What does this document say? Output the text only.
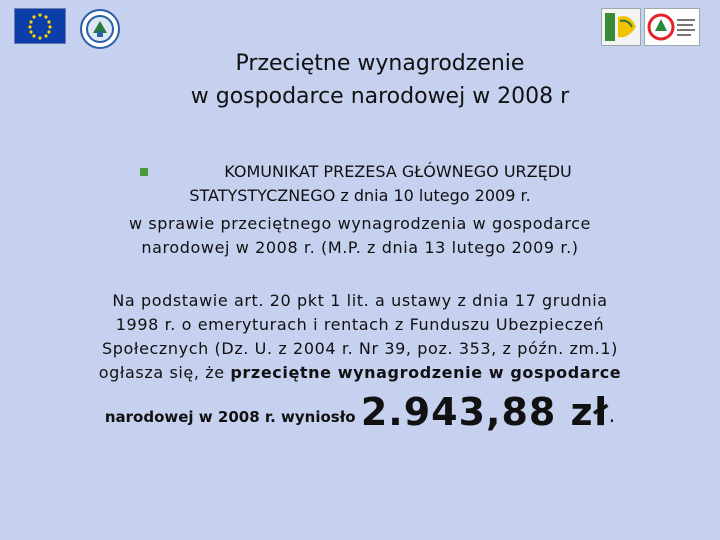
Przeciętne wynagrodzenie
w gospodarce narodowej w 2008 r
KOMUNIKAT PREZESA GŁÓWNEGO URZĘDU
STATYSTYCZNEGO z dnia 10 lutego 2009 r.
w sprawie przeciętnego wynagrodzenia w gospodarce
narodowej w 2008 r. (M.P. z dnia 13 lutego 2009 r.)
Na podstawie art. 20 pkt 1 lit. a ustawy z dnia 17 grudnia
1998 r. o emeryturach i rentach z Funduszu Ubezpieczeń
Społecznych (Dz. U. z 2004 r. Nr 39, poz. 353, z późn. zm.1)
ogłasza się, że przeciętne wynagrodzenie w gospodarce
narodowej w 2008 r. wyniosło 2.943,88 zł.
